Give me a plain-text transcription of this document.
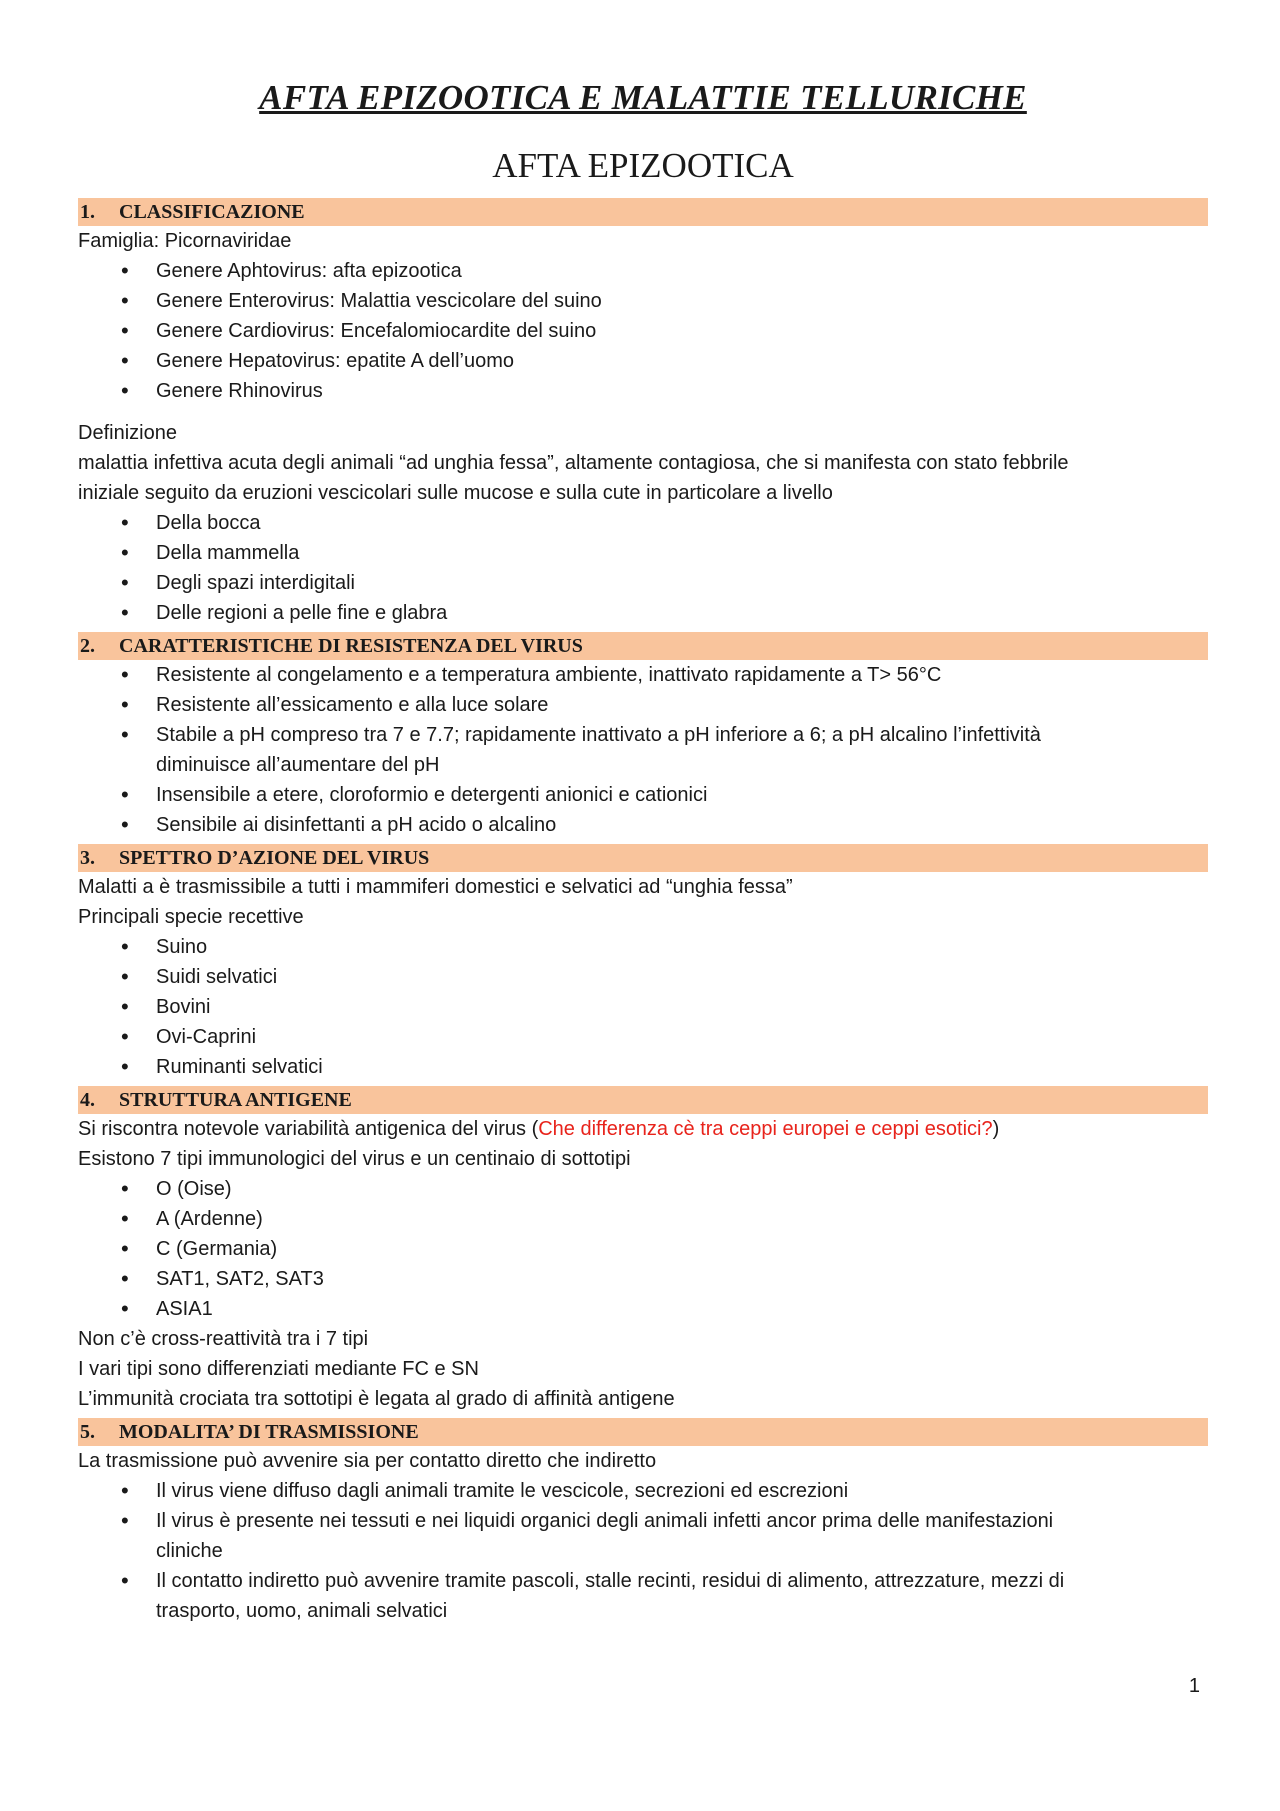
AFTA EPIZOOTICA E MALATTIE TELLURICHE
AFTA EPIZOOTICA
1. CLASSIFICAZIONE

Famiglia: Picornaviridae

• Genere Aphtovirus: afta epizootica
• Genere Enterovirus: Malattia vescicolare del suino
• Genere Cardiovirus: Encefalomiocardite del suino
• Genere Hepatovirus: epatite A dell’uomo
• Genere Rhinovirus

Definizione

malattia infettiva acuta degli animali “ad unghia fessa”, altamente contagiosa, che si manifesta con stato febbrile

iniziale seguito da eruzioni vescicolari sulle mucose e sulla cute in particolare a livello

• Della bocca
• Della mammella
• Degli spazi interdigitali
• Delle regioni a pelle fine e glabra
2. CARATTERISTICHE DI RESISTENZA DEL VIRUS
• Resistente al congelamento e a temperatura ambiente, inattivato rapidamente a T> 56°C
• Resistente all’essicamento e alla luce solare
• Stabile a pH compreso tra 7 e 7.7; rapidamente inattivato a pH inferiore a 6; a pH alcalino l’infettività

diminuisce all’aumentare del pH

• Insensibile a etere, cloroformio e detergenti anionici e cationici
• Sensibile ai disinfettanti a pH acido o alcalino
3. SPETTRO D’AZIONE DEL VIRUS

Malatti a è trasmissibile a tutti i mammiferi domestici e selvatici ad “unghia fessa”

Principali specie recettive

• Suino
• Suidi selvatici
• Bovini
• Ovi-Caprini
• Ruminanti selvatici
4. STRUTTURA ANTIGENE

Si riscontra notevole variabilità antigenica del virus (Che differenza cè tra ceppi europei e ceppi esotici?)

Esistono 7 tipi immunologici del virus e un centinaio di sottotipi

• O (Oise)
• A (Ardenne)
• C (Germania)
• SAT1, SAT2, SAT3
• ASIA1

Non c’è cross-reattività tra i 7 tipi

I vari tipi sono differenziati mediante FC e SN

L’immunità crociata tra sottotipi è legata al grado di affinità antigene

5. MODALITA’ DI TRASMISSIONE

La trasmissione può avvenire sia per contatto diretto che indiretto

• Il virus viene diffuso dagli animali tramite le vescicole, secrezioni ed escrezioni
• Il virus è presente nei tessuti e nei liquidi organici degli animali infetti ancor prima delle manifestazioni

cliniche

• Il contatto indiretto può avvenire tramite pascoli, stalle recinti, residui di alimento, attrezzature, mezzi di

trasporto, uomo, animali selvatici

1
